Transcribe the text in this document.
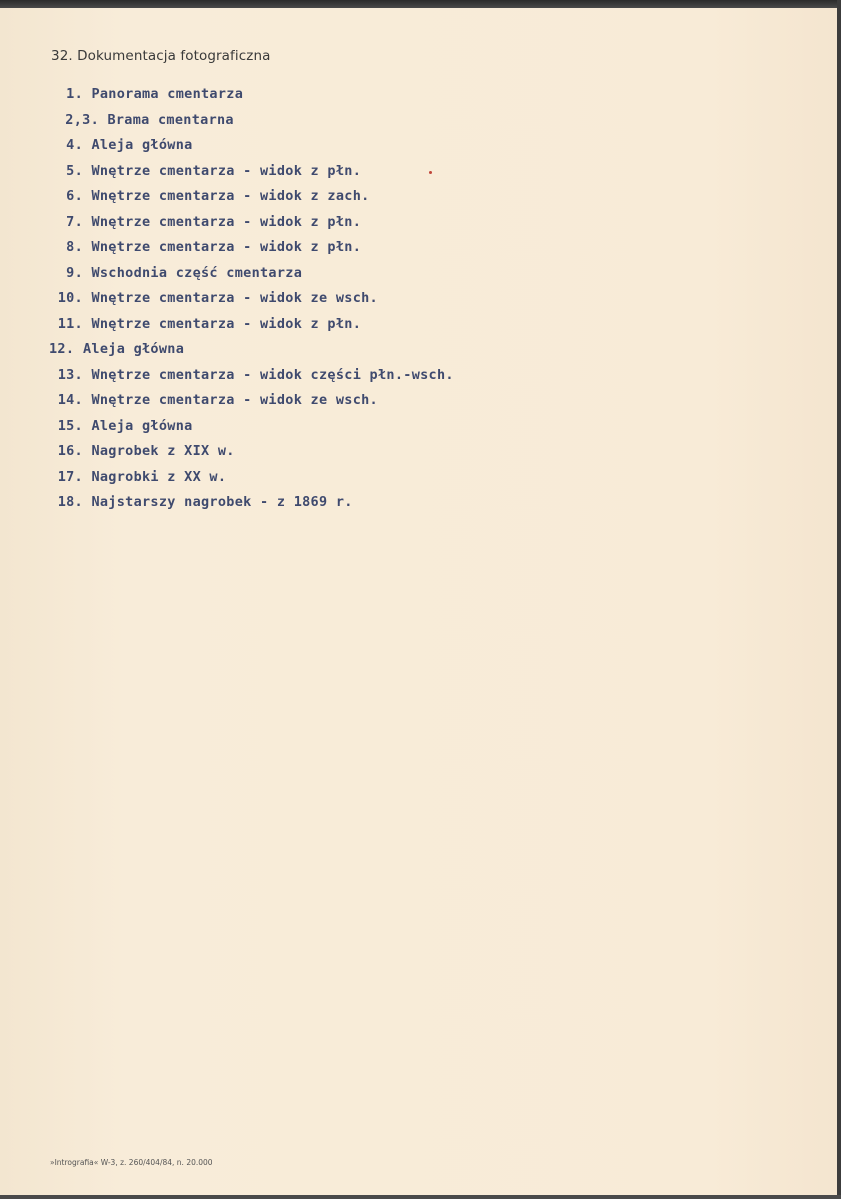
32. Dokumentacja fotograficzna
1. Panorama cmentarza
2,3. Brama cmentarna
4. Aleja główna
5. Wnętrze cmentarza - widok z płn.
6. Wnętrze cmentarza - widok z zach.
7. Wnętrze cmentarza - widok z płn.
8. Wnętrze cmentarza - widok z płn.
9. Wschodnia część cmentarza
10. Wnętrze cmentarza - widok ze wsch.
11. Wnętrze cmentarza - widok z płn.
12. Aleja główna
13. Wnętrze cmentarza - widok części płn.-wsch.
14. Wnętrze cmentarza - widok ze wsch.
15. Aleja główna
16. Nagrobek z XIX w.
17. Nagrobki z XX w.
18. Najstarszy nagrobek - z 1869 r.
»Intrografia« W-3, z. 260/404/84, n. 20.000
